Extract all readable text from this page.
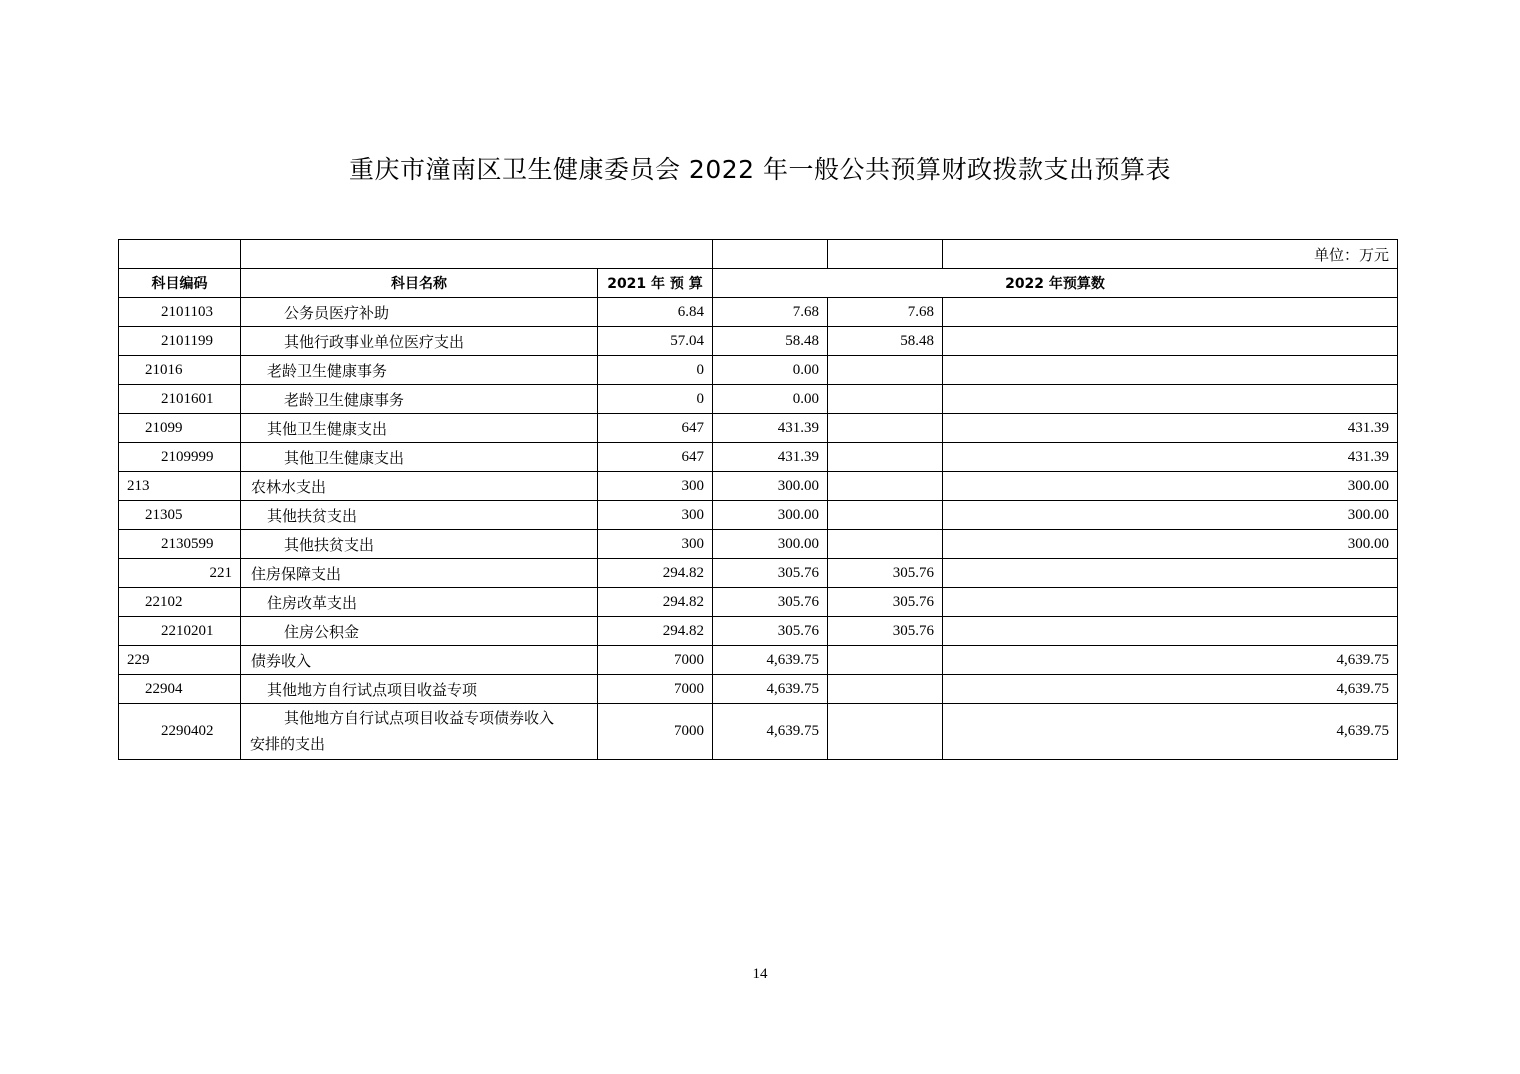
重庆市潼南区卫生健康委员会 2022 年一般公共预算财政拨款支出预算表
					单位：万元
科目编码	科目名称	2021 年 预 算	2022 年预算数		
2101103	公务员医疗补助	6.84	7.68	7.68	
2101199	其他行政事业单位医疗支出	57.04	58.48	58.48	
21016	老龄卫生健康事务	0	0.00		
2101601	老龄卫生健康事务	0	0.00		
21099	其他卫生健康支出	647	431.39		431.39
2109999	其他卫生健康支出	647	431.39		431.39
213	农林水支出	300	300.00		300.00
21305	其他扶贫支出	300	300.00		300.00
2130599	其他扶贫支出	300	300.00		300.00
221	住房保障支出	294.82	305.76	305.76	
22102	住房改革支出	294.82	305.76	305.76	
2210201	住房公积金	294.82	305.76	305.76	
229	债券收入	7000	4,639.75		4,639.75
22904	其他地方自行试点项目收益专项	7000	4,639.75		4,639.75
2290402	其他地方自行试点项目收益专项债券收入
安排的支出	7000	4,639.75		4,639.75
14
